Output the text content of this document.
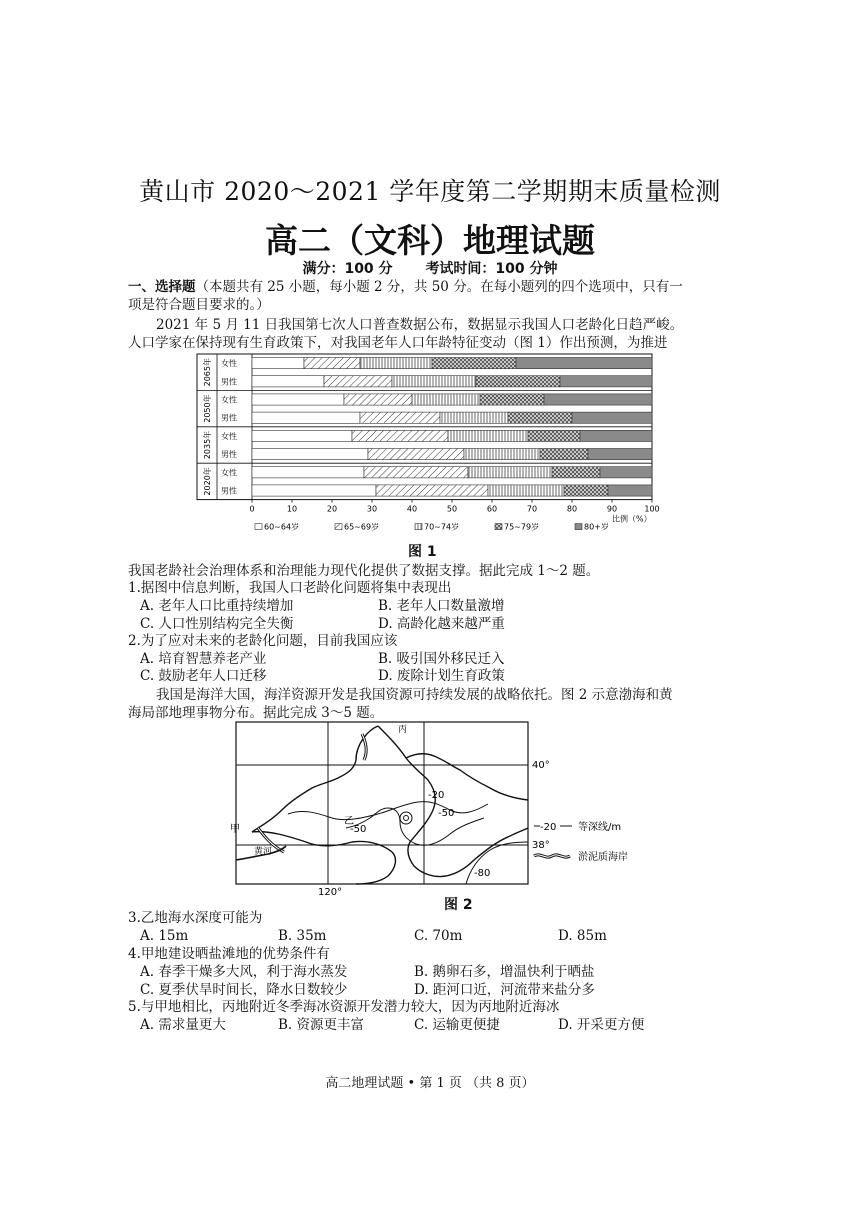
黄山市 2020～2021 学年度第二学期期末质量检测
高二（文科）地理试题
满分：100 分 考试时间：100 分钟
一、选择题（本题共有 25 小题，每小题 2 分，共 50 分。在每小题列的四个选项中，只有一
项是符合题目要求的。）
2021 年 5 月 11 日我国第七次人口普查数据公布，数据显示我国人口老龄化日趋严峻。
人口学家在保持现有生育政策下，对我国老年人口年龄特征变动（图 1）作出预测，为推进
2065年
2050年
2035年
2020年
女性
男性
女性
男性
女性
男性
女性
男性
0	10	20	30	40	50	60	70	80	90	100
比例（%）
60~64岁	65~69岁	70~74岁	75~79岁	80+岁
图 1
我国老龄社会治理体系和治理能力现代化提供了数据支撑。据此完成 1～2 题。
1.据图中信息判断，我国人口老龄化问题将集中表现出
A. 老年人口比重持续增加	B. 老年人口数量激增
C. 人口性别结构完全失衡	D. 高龄化越来越严重
2.为了应对未来的老龄化问题，目前我国应该
A. 培育智慧养老产业	B. 吸引国外移民迁入
C. 鼓励老年人口迁移	D. 废除计划生育政策
我国是海洋大国，海洋资源开发是我国资源可持续发展的战略依托。图 2 示意渤海和黄
海局部地理事物分布。据此完成 3～5 题。
丙
乙
甲
黄河
40°
38°
120°
-20
-50
-50
-80
-20 等深线/m
淤泥质海岸
图 2
3.乙地海水深度可能为
A. 15m	B. 35m	C. 70m	D. 85m
4.甲地建设晒盐滩地的优势条件有
A. 春季干燥多大风，利于海水蒸发	B. 鹅卵石多，增温快利于晒盐
C. 夏季伏旱时间长，降水日数较少	D. 距河口近，河流带来盐分多
5.与甲地相比，丙地附近冬季海冰资源开发潜力较大，因为丙地附近海冰
A. 需求量更大	B. 资源更丰富	C. 运输更便捷	D. 开采更方便
高二地理试题 • 第 1 页 （共 8 页）
